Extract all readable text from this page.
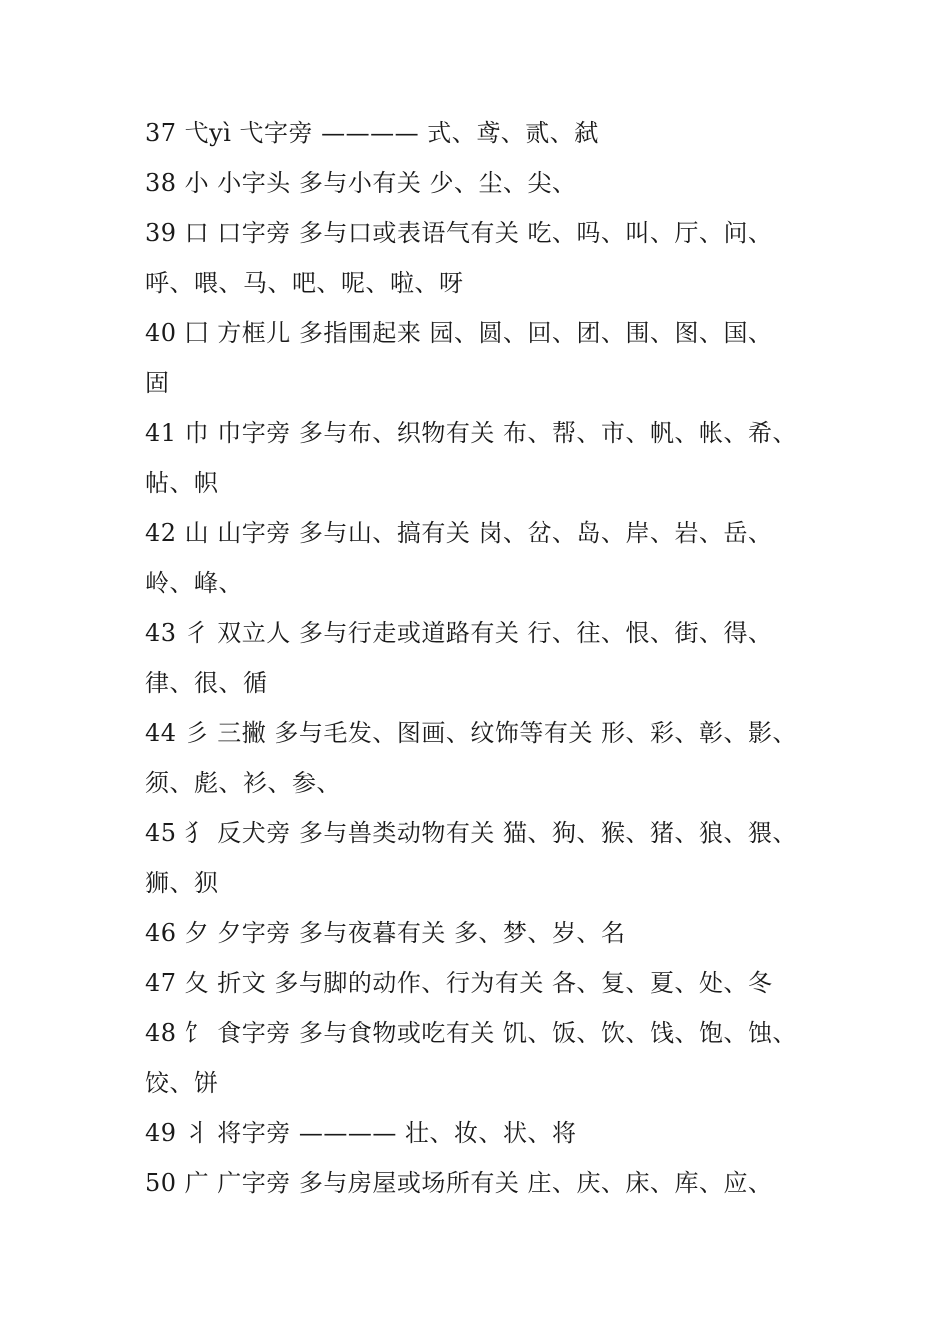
37 弋yì 弋字旁 ———— 式、鸢、贰、弑
38 小 小字头 多与小有关 少、尘、尖、
39 口 口字旁 多与口或表语气有关 吃、吗、叫、厅、问、
呼、喂、马、吧、呢、啦、呀
40 囗 方框儿 多指围起来 园、圆、回、团、围、图、国、
固
41 巾 巾字旁 多与布、织物有关 布、帮、市、帆、帐、希、
帖、帜
42 山 山字旁 多与山、搞有关 岗、岔、岛、岸、岩、岳、
岭、峰、
43 彳 双立人 多与行走或道路有关 行、往、恨、街、得、
律、很、循
44 彡 三撇 多与毛发、图画、纹饰等有关 形、彩、彰、影、
须、彪、衫、参、
45 犭 反犬旁 多与兽类动物有关 猫、狗、猴、猪、狼、猥、
狮、狈
46 夕 夕字旁 多与夜暮有关 多、梦、岁、名
47 夂 折文 多与脚的动作、行为有关 各、复、夏、处、冬
48 饣 食字旁 多与食物或吃有关 饥、饭、饮、饯、饱、蚀、
饺、饼
49 丬 将字旁 ———— 壮、妆、状、将
50 广 广字旁 多与房屋或场所有关 庄、庆、床、库、应、
